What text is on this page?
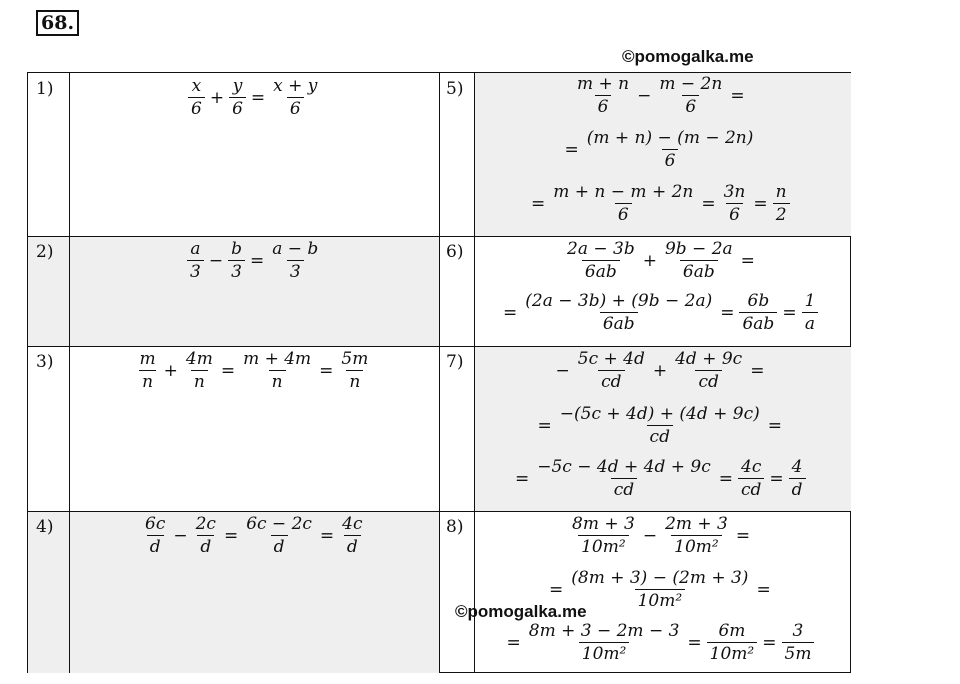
68.
©pomogalka.me
1)
2)
3)
4)
5)
6)
7)
8)
$\frac{x}{6} + \frac{y}{6} = \frac{x + y}{6}$
$\frac{a}{3} - \frac{b}{3} = \frac{a - b}{3}$
$\frac{m}{n} + \frac{4m}{n} = \frac{m + 4m}{n} = \frac{5m}{n}$
$\frac{6c}{d} - \frac{2c}{d} = \frac{6c - 2c}{d} = \frac{4c}{d}$
$\frac{m + n}{6} - \frac{m - 2n}{6}$ =
= $\frac{(m + n) - (m - 2n)}{6}$
= $\frac{m + n - m + 2n}{6} = \frac{3n}{6} = \frac{n}{2}$
$\frac{2a - 3b}{6ab} + \frac{9b - 2a}{6ab}$ =
= $\frac{(2a - 3b) + (9b - 2a)}{6ab} = \frac{6b}{6ab} = \frac{1}{a}$
− $\frac{5c + 4d}{cd} + \frac{4d + 9c}{cd}$ =
= $\frac{-(5c + 4d) + (4d + 9c)}{cd}$ =
= $\frac{-5c - 4d + 4d + 9c}{cd} = \frac{4c}{cd} = \frac{4}{d}$
$\frac{8m + 3}{\text{10m²}} - \frac{2m + 3}{\text{10m²}}$ =
= $\frac{(8m + 3) - (2m + 3)}{\text{10m²}}$ =
= $\frac{8m + 3 - 2m - 3}{\text{10m²}} = \frac{6m}{\text{10m²}} = \frac{3}{5m}$
©pomogalka.me
